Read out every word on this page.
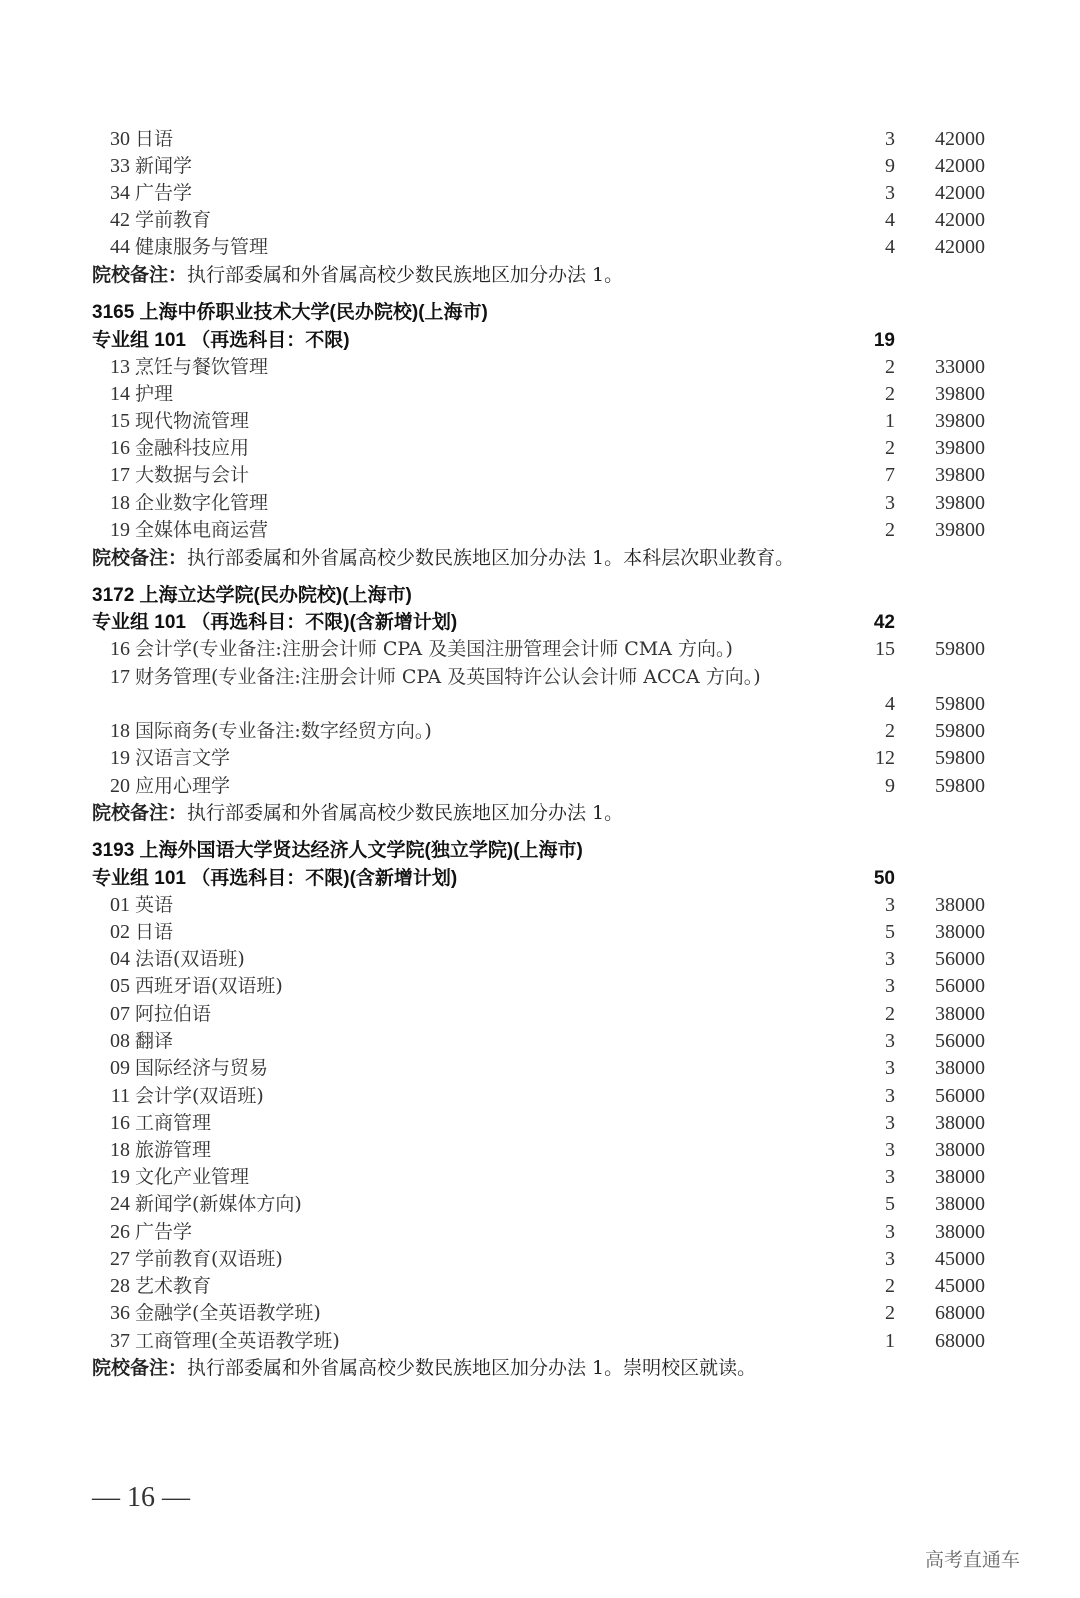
30 日语	3	42000
33 新闻学	9	42000
34 广告学	3	42000
42 学前教育	4	42000
44 健康服务与管理	4	42000
院校备注：执行部委属和外省属高校少数民族地区加分办法 1。
3165 上海中侨职业技术大学(民办院校)(上海市)
专业组 101 （再选科目：不限)	19
13 烹饪与餐饮管理	2	33000
14 护理	2	39800
15 现代物流管理	1	39800
16 金融科技应用	2	39800
17 大数据与会计	7	39800
18 企业数字化管理	3	39800
19 全媒体电商运营	2	39800
院校备注：执行部委属和外省属高校少数民族地区加分办法 1。本科层次职业教育。
3172 上海立达学院(民办院校)(上海市)
专业组 101 （再选科目：不限)(含新增计划)	42
16 会计学(专业备注:注册会计师 CPA 及美国注册管理会计师 CMA 方向。)	15	59800
17 财务管理(专业备注:注册会计师 CPA 及英国特许公认会计师 ACCA 方向。)
4	59800
18 国际商务(专业备注:数字经贸方向。)	2	59800
19 汉语言文学	12	59800
20 应用心理学	9	59800
院校备注：执行部委属和外省属高校少数民族地区加分办法 1。
3193 上海外国语大学贤达经济人文学院(独立学院)(上海市)
专业组 101 （再选科目：不限)(含新增计划)	50
01 英语	3	38000
02 日语	5	38000
04 法语(双语班)	3	56000
05 西班牙语(双语班)	3	56000
07 阿拉伯语	2	38000
08 翻译	3	56000
09 国际经济与贸易	3	38000
11 会计学(双语班)	3	56000
16 工商管理	3	38000
18 旅游管理	3	38000
19 文化产业管理	3	38000
24 新闻学(新媒体方向)	5	38000
26 广告学	3	38000
27 学前教育(双语班)	3	45000
28 艺术教育	2	45000
36 金融学(全英语教学班)	2	68000
37 工商管理(全英语教学班)	1	68000
院校备注：执行部委属和外省属高校少数民族地区加分办法 1。崇明校区就读。
— 16 —
高考直通车
